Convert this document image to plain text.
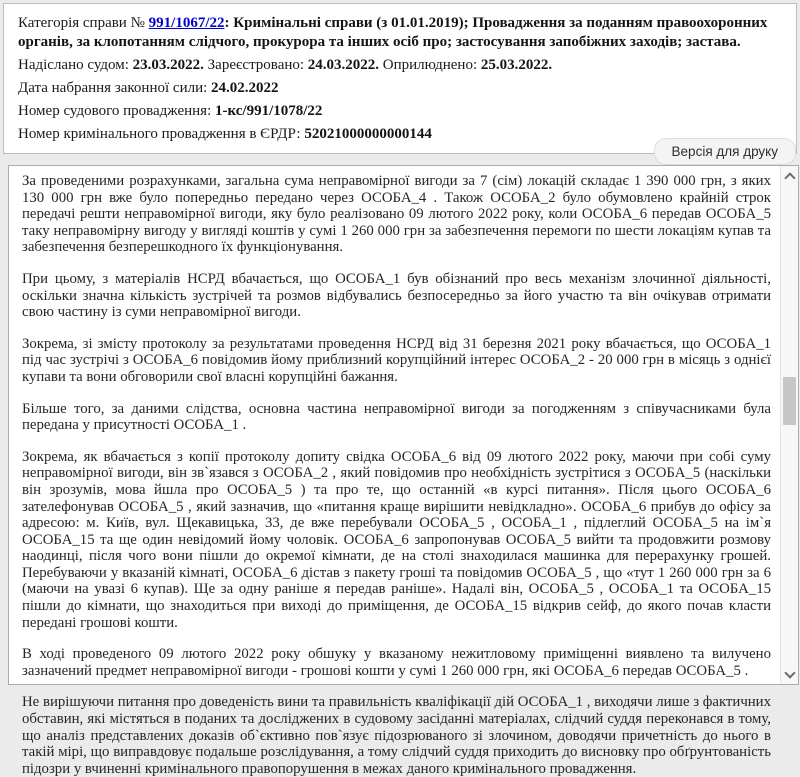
Категорія справи № 991/1067/22: Кримінальні справи (з 01.01.2019); Провадження за поданням правоохоронних органів, за клопотанням слідчого, прокурора та інших осіб про; застосування запобіжних заходів; застава.

Надіслано судом: 23.03.2022. Зареєстровано: 24.03.2022. Оприлюднено: 25.03.2022.

Дата набрання законної сили: 24.02.2022

Номер судового провадження: 1-кс/991/1078/22

Номер кримінального провадження в ЄРДР: 52021000000000144

Версія для друку

За проведеними розрахунками, загальна сума неправомірної вигоди за 7 (сім) локацій складає 1 390 000 грн, з яких 130 000 грн вже було попередньо передано через ОСОБА_4 . Також ОСОБА_2 було обумовлено крайній строк передачі решти неправомірної вигоди, яку було реалізовано 09 лютого 2022 року, коли ОСОБА_6 передав ОСОБА_5 таку неправомірну вигоду у вигляді коштів у сумі 1 260 000 грн за забезпечення перемоги по шести локаціям купав та забезпечення безперешкодного їх функціонування.

При цьому, з матеріалів НСРД вбачається, що ОСОБА_1 був обізнаний про весь механізм злочинної діяльності, оскільки значна кількість зустрічей та розмов відбувались безпосередньо за його участю та він очікував отримати свою частину із суми неправомірної вигоди.

Зокрема, зі змісту протоколу за результатами проведення НСРД від 31 березня 2021 року вбачається, що ОСОБА_1 під час зустрічі з ОСОБА_6 повідомив йому приблизний корупційний інтерес ОСОБА_2 - 20 000 грн в місяць з однієї купави та вони обговорили свої власні корупційні бажання.

Більше того, за даними слідства, основна частина неправомірної вигоди за погодженням з співучасниками була передана у присутності ОСОБА_1 .

Зокрема, як вбачається з копії протоколу допиту свідка ОСОБА_6 від 09 лютого 2022 року, маючи при собі суму неправомірної вигоди, він зв`язався з ОСОБА_2 , який повідомив про необхідність зустрітися з ОСОБА_5 (наскільки він зрозумів, мова йшла про ОСОБА_5 ) та про те, що останній «в курсі питання». Після цього ОСОБА_6 зателефонував ОСОБА_5 , який зазначив, що «питання краще вирішити невідкладно». ОСОБА_6 прибув до офісу за адресою: м. Київ, вул. Щекавицька, 33, де вже перебували ОСОБА_5 , ОСОБА_1 , підлеглий ОСОБА_5 на ім`я ОСОБА_15 та ще один невідомий йому чоловік. ОСОБА_6 запропонував ОСОБА_5 вийти та продовжити розмову наодинці, після чого вони пішли до окремої кімнати, де на столі знаходилася машинка для перерахунку грошей. Перебуваючи у вказаній кімнаті, ОСОБА_6 дістав з пакету гроші та повідомив ОСОБА_5 , що «тут 1 260 000 грн за 6 (маючи на увазі 6 купав). Ще за одну раніше я передав раніше». Надалі він, ОСОБА_5 , ОСОБА_1 та ОСОБА_15 пішли до кімнати, що знаходиться при виході до приміщення, де ОСОБА_15 відкрив сейф, до якого почав класти передані грошові кошти.

В ході проведеного 09 лютого 2022 року обшуку у вказаному нежитловому приміщенні виявлено та вилучено зазначений предмет неправомірної вигоди - грошові кошти у сумі 1 260 000 грн, які ОСОБА_6 передав ОСОБА_5 .

Не вирішуючи питання про доведеність вини та правильність кваліфікації дій ОСОБА_1 , виходячи лише з фактичних обставин, які містяться в поданих та досліджених в судовому засіданні матеріалах, слідчий суддя переконався в тому, що аналіз представлених доказів об`єктивно пов`язує підозрюваного зі злочином, доводячи причетність до нього в такій мірі, що виправдовує подальше розслідування, а тому слідчий суддя приходить до висновку про обґрунтованість підозри у вчиненні кримінального правопорушення в межах даного кримінального провадження.
